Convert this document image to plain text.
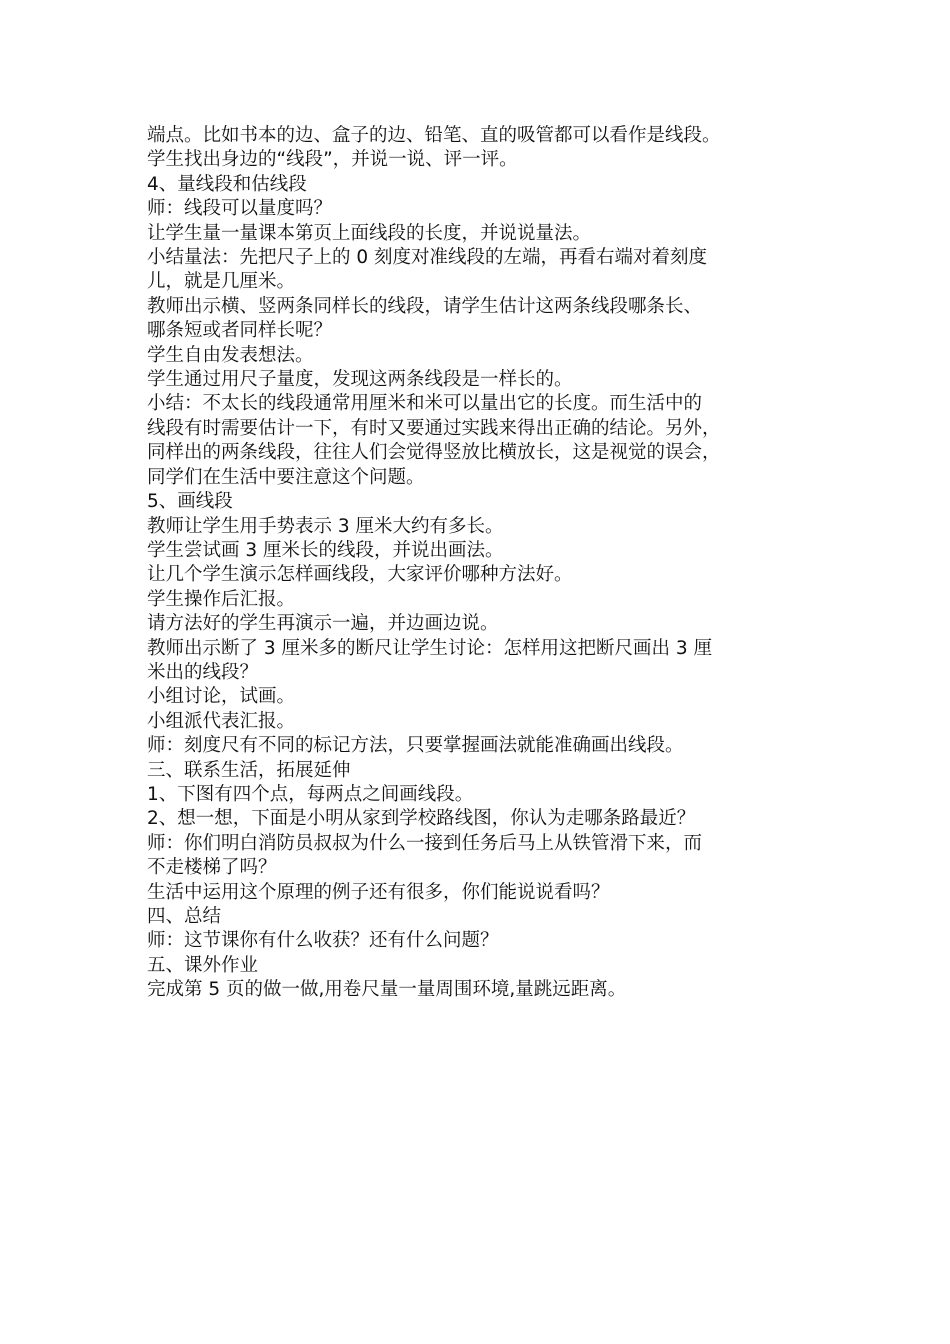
端点。比如书本的边、盒子的边、铅笔、直的吸管都可以看作是线段。

学生找出身边的“线段”，并说一说、评一评。

4、量线段和估线段

师：线段可以量度吗？

让学生量一量课本第页上面线段的长度，并说说量法。

小结量法：先把尺子上的 0 刻度对准线段的左端，再看右端对着刻度

儿，就是几厘米。

教师出示横、竖两条同样长的线段，请学生估计这两条线段哪条长、

哪条短或者同样长呢？

学生自由发表想法。

学生通过用尺子量度，发现这两条线段是一样长的。

小结：不太长的线段通常用厘米和米可以量出它的长度。而生活中的

线段有时需要估计一下，有时又要通过实践来得出正确的结论。另外，

同样出的两条线段，往往人们会觉得竖放比横放长，这是视觉的误会，

同学们在生活中要注意这个问题。

5、画线段

教师让学生用手势表示 3 厘米大约有多长。

学生尝试画 3 厘米长的线段，并说出画法。

让几个学生演示怎样画线段，大家评价哪种方法好。

学生操作后汇报。

请方法好的学生再演示一遍，并边画边说。

教师出示断了 3 厘米多的断尺让学生讨论：怎样用这把断尺画出 3 厘

米出的线段？

小组讨论，试画。

小组派代表汇报。

师：刻度尺有不同的标记方法，只要掌握画法就能准确画出线段。

三、联系生活，拓展延伸

1、下图有四个点，每两点之间画线段。

2、想一想，下面是小明从家到学校路线图，你认为走哪条路最近？

师：你们明白消防员叔叔为什么一接到任务后马上从铁管滑下来，而

不走楼梯了吗？

生活中运用这个原理的例子还有很多，你们能说说看吗？

四、总结

师：这节课你有什么收获？还有什么问题？

五、课外作业

完成第 5 页的做一做,用卷尺量一量周围环境,量跳远距离。
